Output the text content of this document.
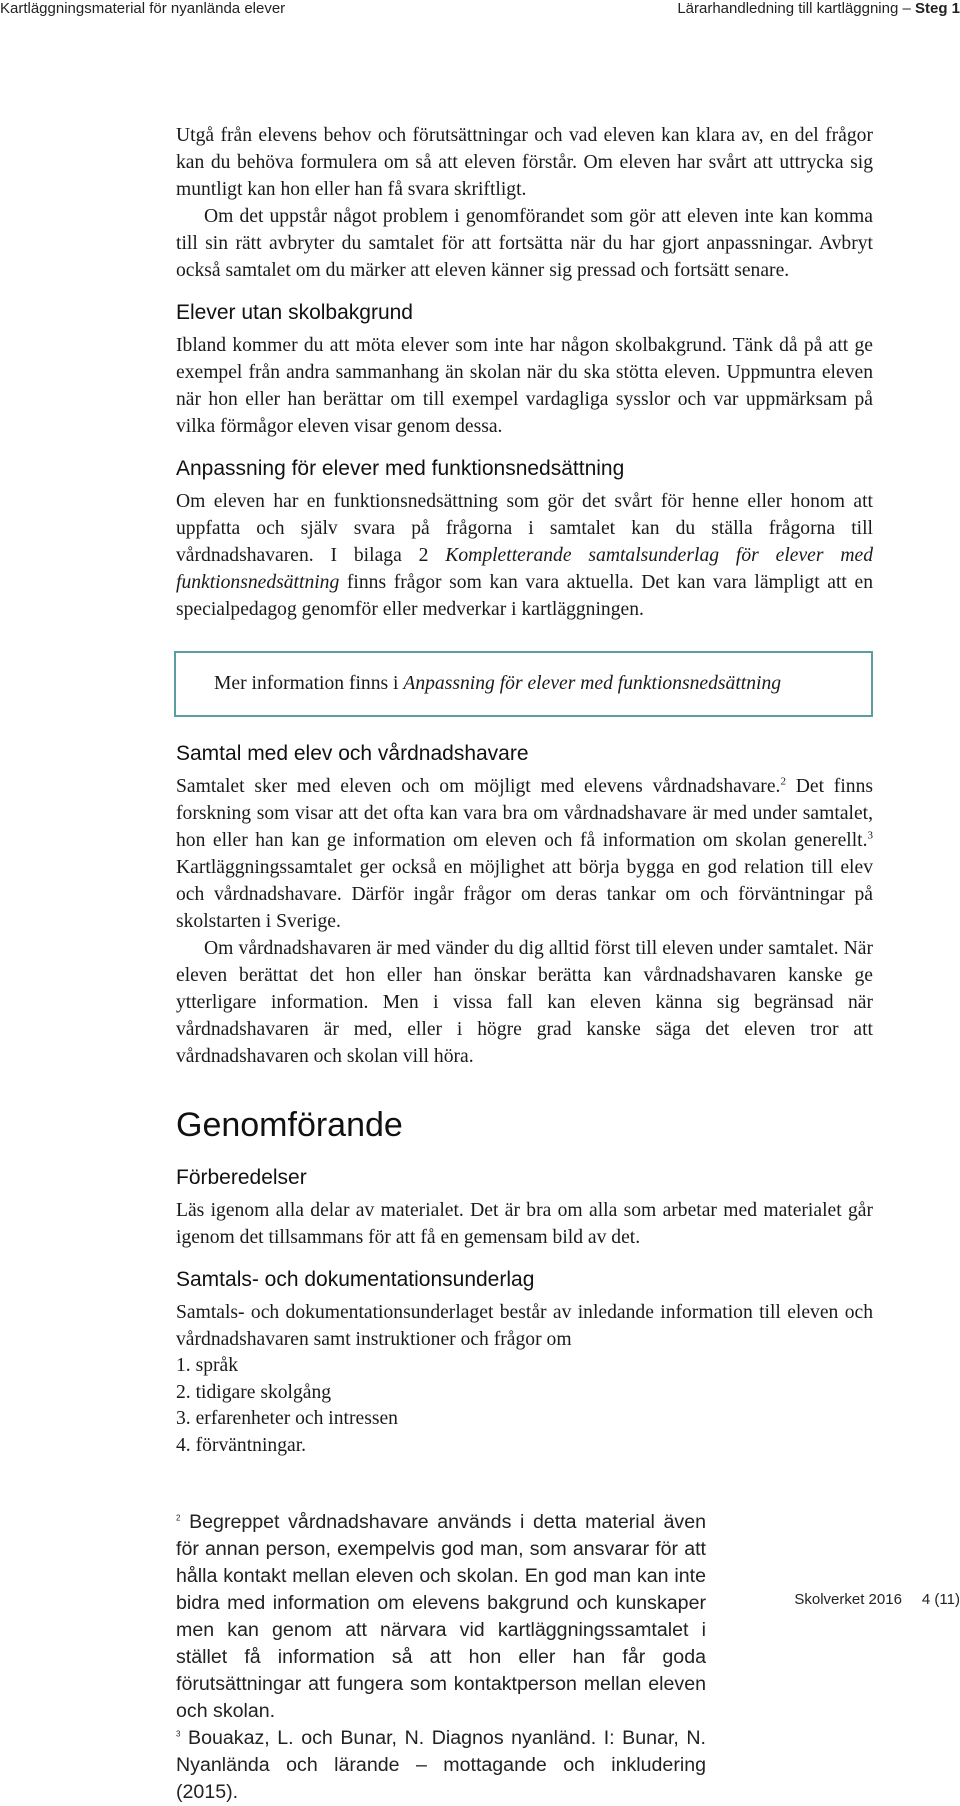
Kartläggningsmaterial för nyanlända elever	Lärarhandledning till kartläggning – Steg 1

Utgå från elevens behov och förutsättningar och vad eleven kan klara av, en del frågor kan du behöva formulera om så att eleven förstår. Om eleven har svårt att uttrycka sig muntligt kan hon eller han få svara skriftligt.

Om det uppstår något problem i genomförandet som gör att eleven inte kan komma till sin rätt avbryter du samtalet för att fortsätta när du har gjort anpassningar. Avbryt också samtalet om du märker att eleven känner sig pressad och fortsätt senare.

Elever utan skolbakgrund

Ibland kommer du att möta elever som inte har någon skolbakgrund. Tänk då på att ge exempel från andra sammanhang än skolan när du ska stötta eleven. Uppmuntra eleven när hon eller han berättar om till exempel vardagliga sysslor och var uppmärksam på vilka förmågor eleven visar genom dessa.

Anpassning för elever med funktionsnedsättning

Om eleven har en funktionsnedsättning som gör det svårt för henne eller honom att uppfatta och själv svara på frågorna i samtalet kan du ställa frågorna till vårdnadshavaren. I bilaga 2 Kompletterande samtalsunderlag för elever med funktionsnedsättning finns frågor som kan vara aktuella. Det kan vara lämpligt att en specialpedagog genomför eller medverkar i kartläggningen.

Mer information finns i Anpassning för elever med funktionsnedsättning
Samtal med elev och vårdnadshavare

Samtalet sker med eleven och om möjligt med elevens vårdnadshavare.$^2$ Det finns forskning som visar att det ofta kan vara bra om vårdnadshavare är med under samtalet, hon eller han kan ge information om eleven och få information om skolan generellt.$^3$ Kartläggningssamtalet ger också en möjlighet att börja bygga en god relation till elev och vårdnadshavare. Därför ingår frågor om deras tankar om och förväntningar på skolstarten i Sverige.

Om vårdnadshavaren är med vänder du dig alltid först till eleven under samtalet. När eleven berättat det hon eller han önskar berätta kan vårdnadshavaren kanske ge ytterligare information. Men i vissa fall kan eleven känna sig begränsad när vårdnadshavaren är med, eller i högre grad kanske säga det eleven tror att vårdnadshavaren och skolan vill höra.

Genomförande
Förberedelser

Läs igenom alla delar av materialet. Det är bra om alla som arbetar med materialet går igenom det tillsammans för att få en gemensam bild av det.

Samtals- och dokumentationsunderlag

Samtals- och dokumentationsunderlaget består av inledande information till eleven och vårdnadshavaren samt instruktioner och frågor om

1. språk
2. tidigare skolgång
3. erfarenheter och intressen
4. förväntningar.

$^2$ Begreppet vårdnadshavare används i detta material även för annan person, exempelvis god man, som ansvarar för att hålla kontakt mellan eleven och skolan. En god man kan inte bidra med information om elevens bakgrund och kunskaper men kan genom att närvara vid kartläggningssamtalet i stället få information så att hon eller han får goda förutsättningar att fungera som kontaktperson mellan eleven och skolan.

$^3$ Bouakaz, L. och Bunar, N. Diagnos nyanländ. I: Bunar, N. Nyanlända och lärande – mottagande och inkludering (2015).

Skolverket 2016 4 (11)
